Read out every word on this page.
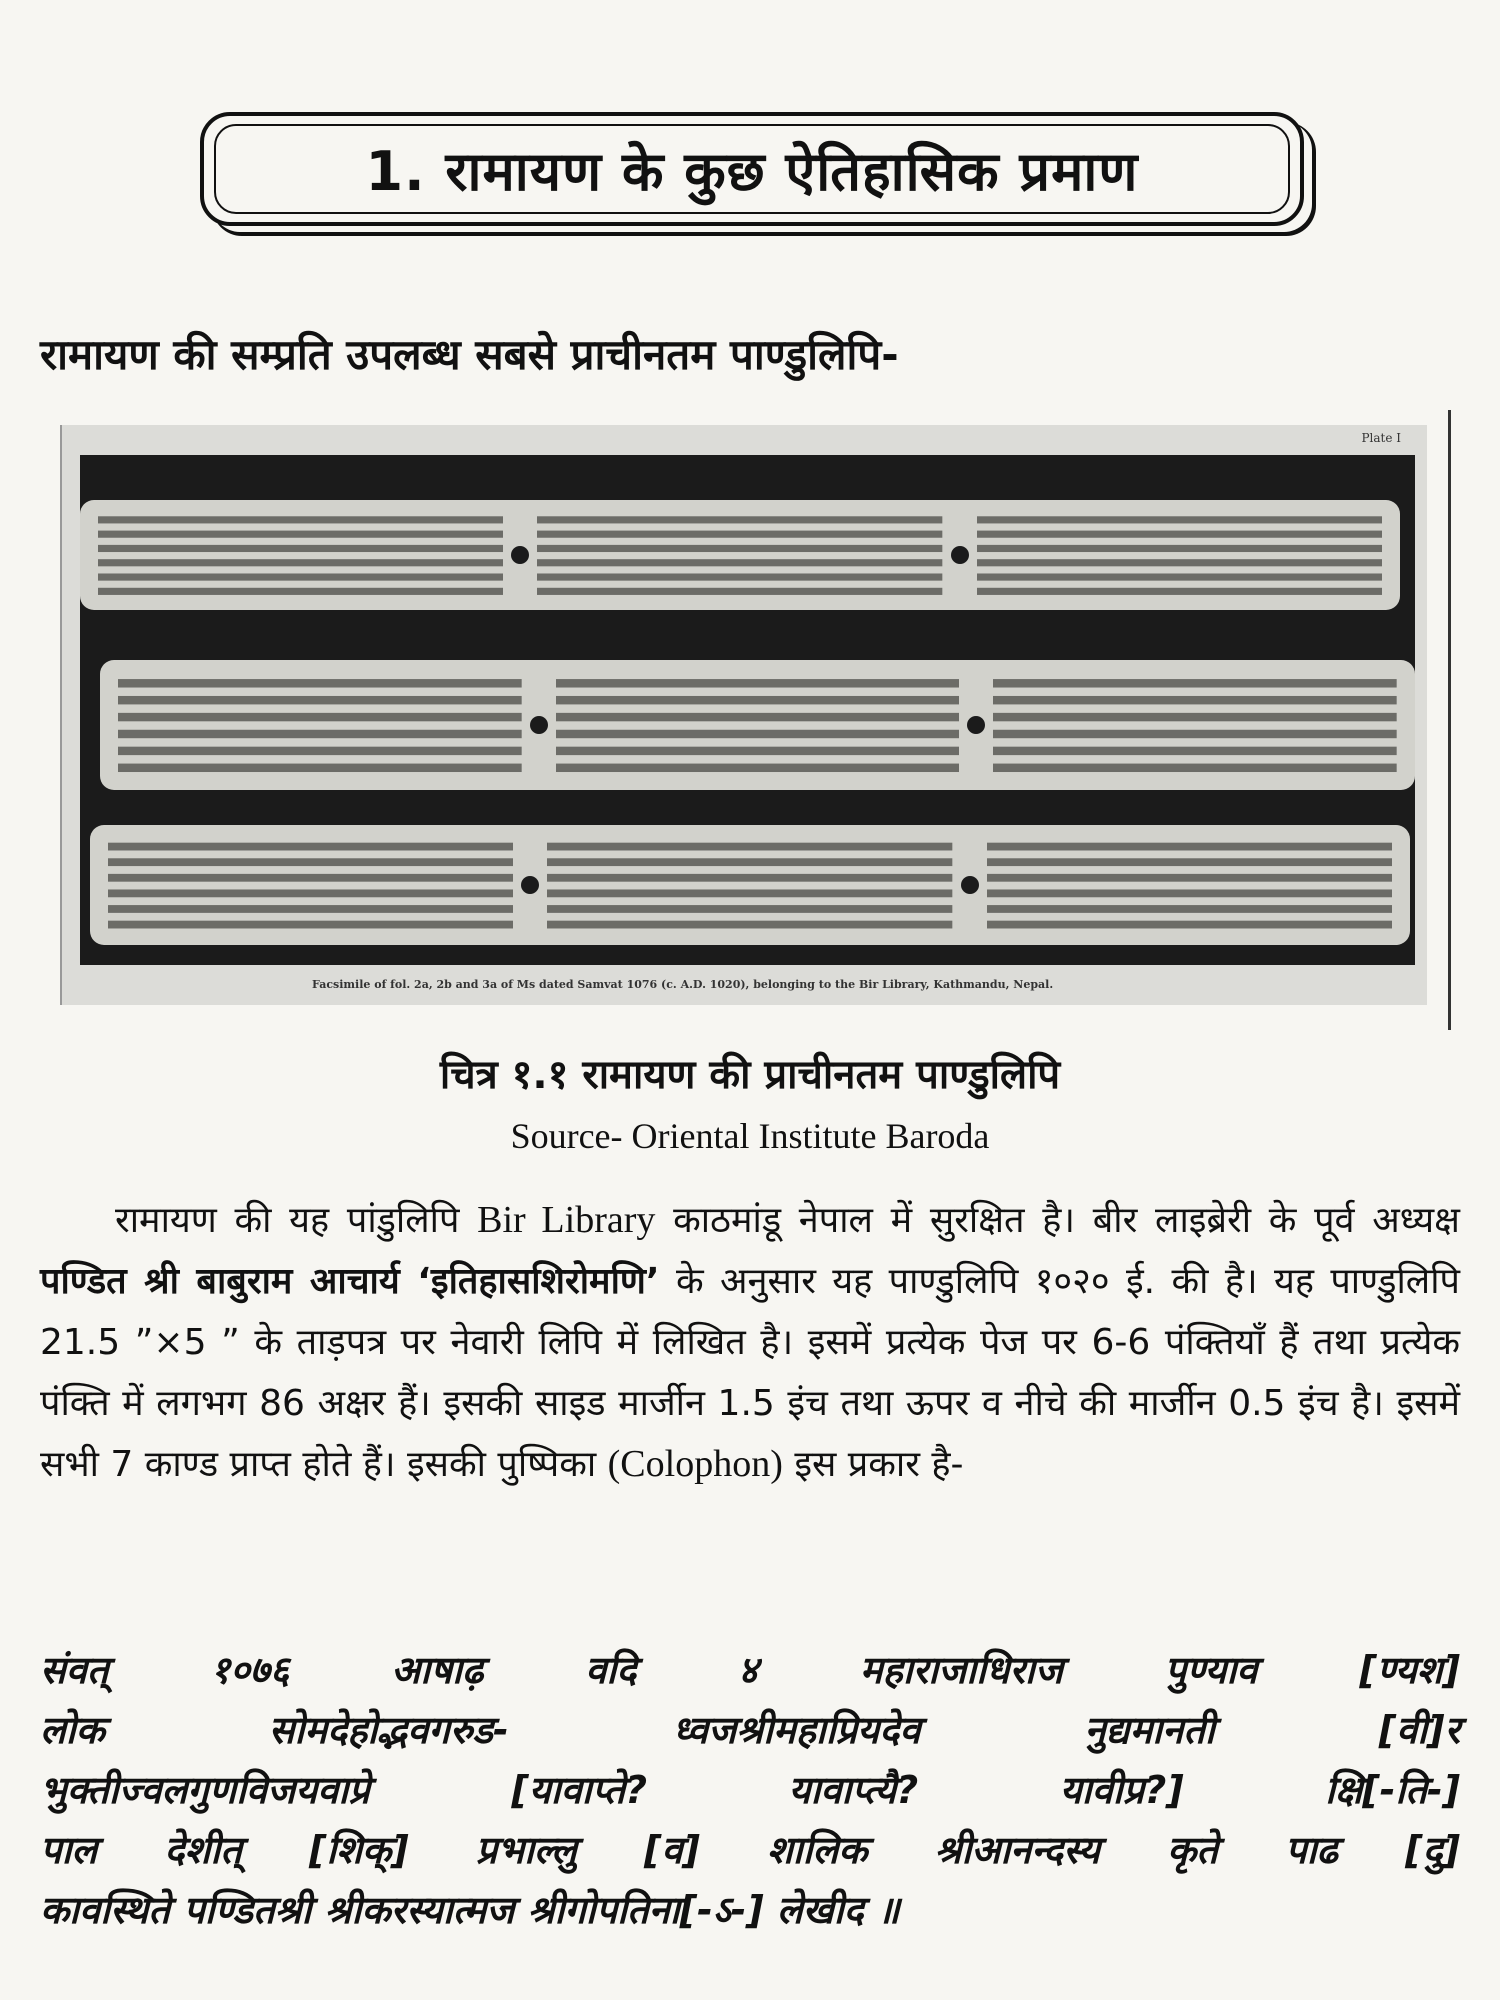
1. रामायण के कुछ ऐतिहासिक प्रमाण
रामायण की सम्प्रति उपलब्ध सबसे प्राचीनतम पाण्डुलिपि-
Plate I
Facsimile of fol. 2a, 2b and 3a of Ms dated Samvat 1076 (c. A.D. 1020), belonging to the Bir Library, Kathmandu, Nepal.
चित्र १.१ रामायण की प्राचीनतम पाण्डुलिपि
Source- Oriental Institute Baroda

रामायण की यह पांडुलिपि Bir Library काठमांडू नेपाल में सुरक्षित है। बीर लाइब्रेरी के पूर्व अध्यक्ष पण्डित श्री बाबुराम आचार्य ‘इतिहासशिरोमणि’ के अनुसार यह पाण्डुलिपि १०२० ई. की है। यह पाण्डुलिपि 21.5 ”×5 ” के ताड़पत्र पर नेवारी लिपि में लिखित है। इसमें प्रत्येक पेज पर 6-6 पंक्तियाँ हैं तथा प्रत्येक पंक्ति में लगभग 86 अक्षर हैं। इसकी साइड मार्जीन 1.5 इंच तथा ऊपर व नीचे की मार्जीन 0.5 इंच है। इसमें सभी 7 काण्ड प्राप्त होते हैं। इसकी पुष्पिका (Colophon) इस प्रकार है-

संवत् १०७६ आषाढ़ वदि ४ महाराजाधिराज पुण्याव [ण्यश]
लोक सोमदेहोद्भवगरुड- ध्वजश्रीमहाप्रियदेव नुद्यमानती [वी]र
भुक्तीज्वलगुणविजयवाप्रे [यावाप्ते? यावाप्त्यै? यावीप्र?] क्षि[-ति-]
पाल देशीत् [शिक्] प्रभाल्लु [व] शालिक श्रीआनन्दस्य कृते पाढ [दु]
कावस्थिते पण्डितश्री श्रीकरस्यात्मज श्रीगोपतिना[-ऽ-] लेखीद ॥
